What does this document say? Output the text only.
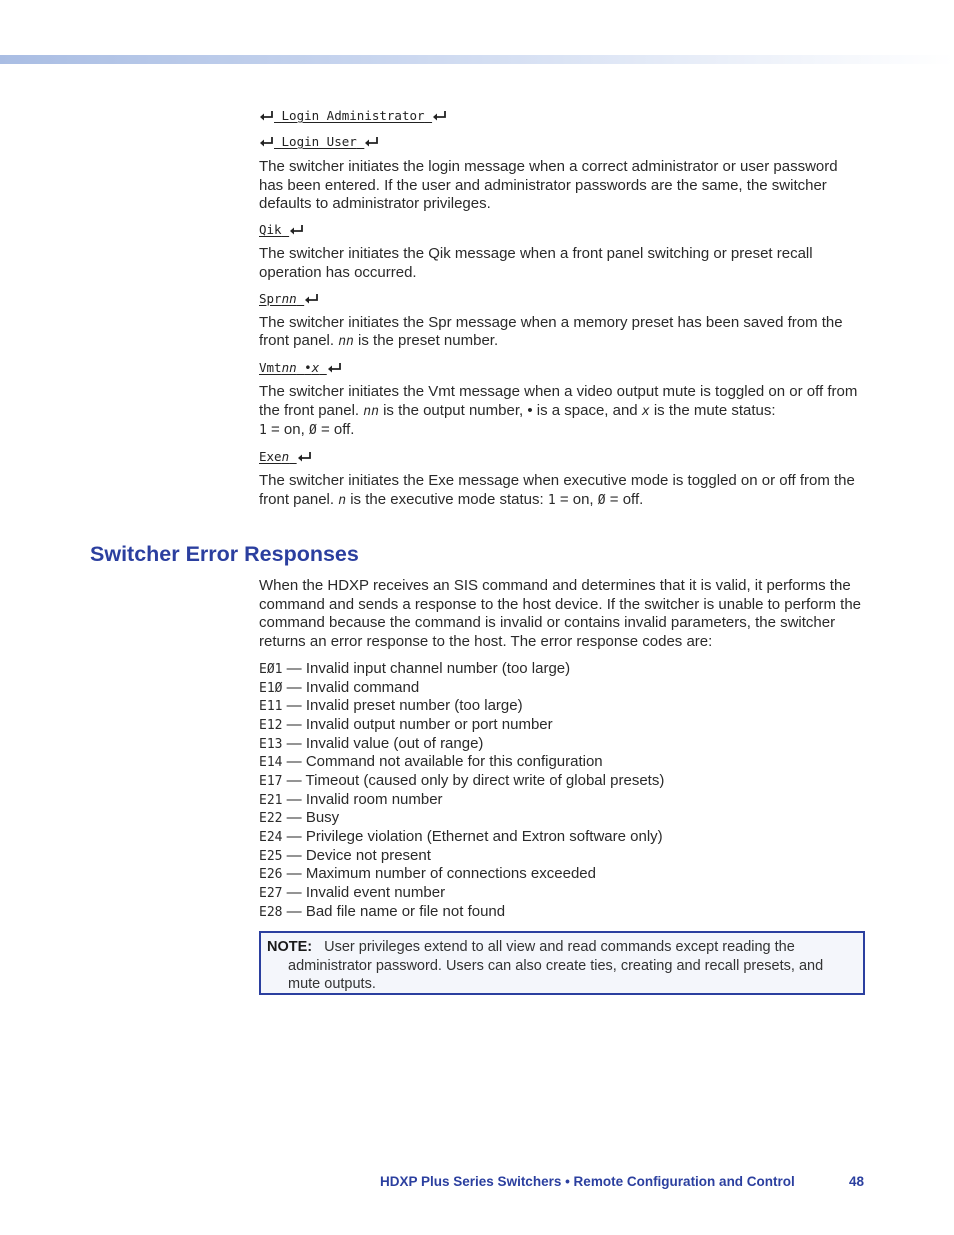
Login Administrator

Login User

The switcher initiates the login message when a correct administrator or user password has been entered. If the user and administrator passwords are the same, the switcher defaults to administrator privileges.

Qik

The switcher initiates the Qik message when a front panel switching or preset recall operation has occurred.

Spr nn

The switcher initiates the Spr message when a memory preset has been saved from the front panel. nn is the preset number.

Vmt nn
• x

The switcher initiates the Vmt message when a video output mute is toggled on or off from the front panel. nn is the output number, • is a space, and x is the mute status:
1 = on, Ø = off.

Exe n

The switcher initiates the Exe message when executive mode is toggled on or off from the front panel. n is the executive mode status: 1 = on, Ø = off.

Switcher Error Responses

When the HDXP receives an SIS command and determines that it is valid, it performs the command and sends a response to the host device. If the switcher is unable to perform the command because the command is invalid or contains invalid parameters, the switcher returns an error response to the host. The error response codes are:

EØ1 — Invalid input channel number (too large)
E1Ø — Invalid command
E11 — Invalid preset number (too large)
E12 — Invalid output number or port number
E13 — Invalid value (out of range)
E14 — Command not available for this configuration
E17 — Timeout (caused only by direct write of global presets)
E21 — Invalid room number
E22 — Busy
E24 — Privilege violation (Ethernet and Extron software only)
E25 — Device not present
E26 — Maximum number of connections exceeded
E27 — Invalid event number
E28 — Bad file name or file not found
NOTE: User privileges extend to all view and read commands except reading the
administrator password. Users can also create ties, creating and recall presets, and
mute outputs.
HDXP Plus Series Switchers • Remote Configuration and Control	48
